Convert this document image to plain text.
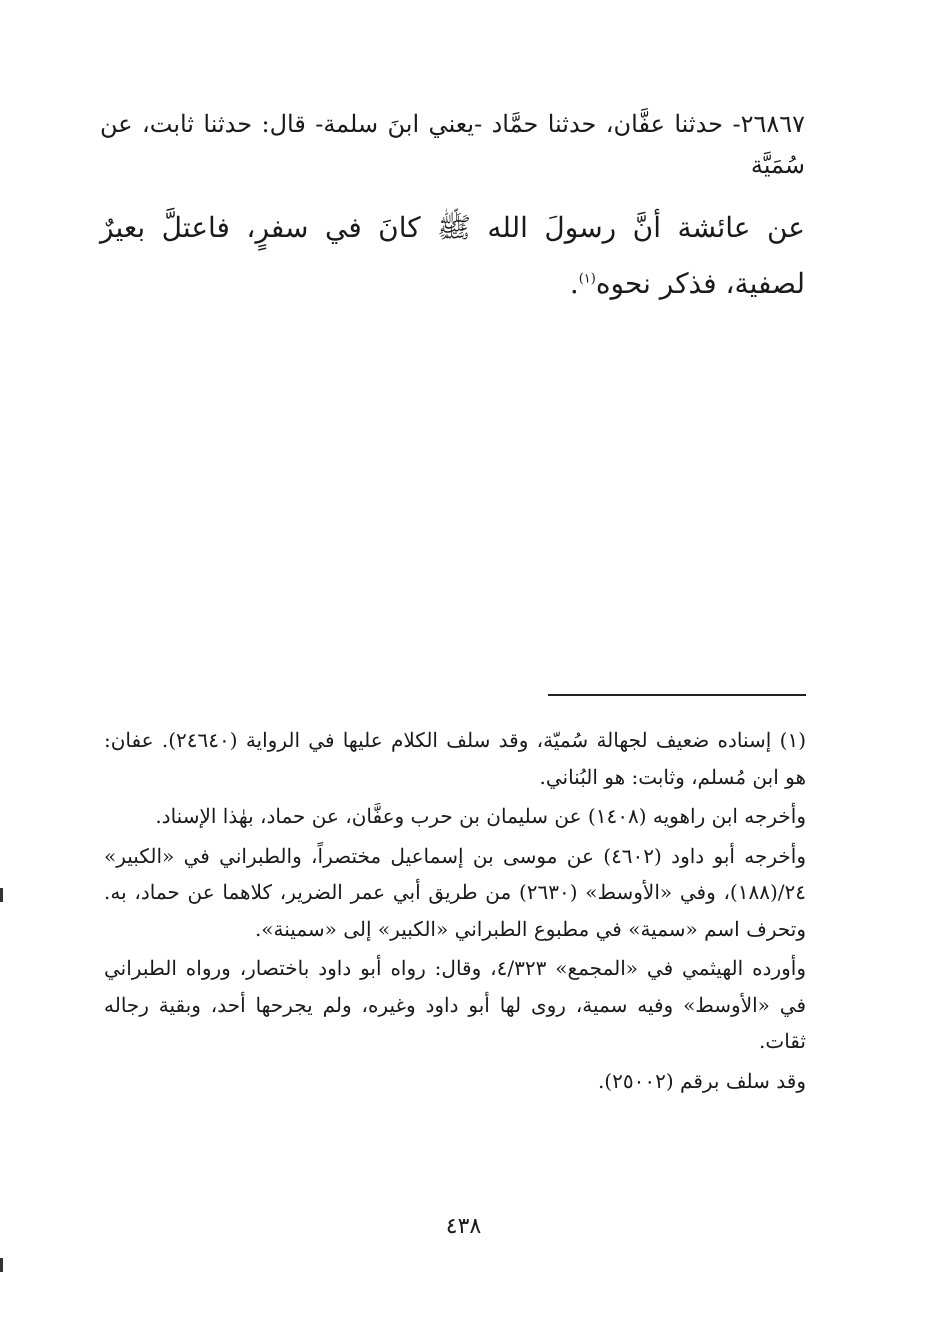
٢٦٨٦٧- حدثنا عفَّان، حدثنا حمَّاد -يعني ابنَ سلمة- قال: حدثنا ثابت، عن سُمَيَّة
عن عائشة أنَّ رسولَ الله ﷺ كانَ في سفرٍ، فاعتلَّ بعيرٌ لصفية، فذكر نحوه$^{(١)}$.

(١) إسناده ضعيف لجهالة سُميّة، وقد سلف الكلام عليها في الرواية (٢٤٦٤٠). عفان: هو ابن مُسلم، وثابت: هو البُناني.

وأخرجه ابن راهويه (١٤٠٨) عن سليمان بن حرب وعفَّان، عن حماد، بهٰذا الإسناد.

وأخرجه أبو داود (٤٦٠٢) عن موسى بن إسماعيل مختصراً، والطبراني في «الكبير» ٢٤/(١٨٨)، وفي «الأوسط» (٢٦٣٠) من طريق أبي عمر الضرير، كلاهما عن حماد، به. وتحرف اسم «سمية» في مطبوع الطبراني «الكبير» إلى «سمينة».

وأورده الهيثمي في «المجمع» ٤/٣٢٣، وقال: رواه أبو داود باختصار، ورواه الطبراني في «الأوسط» وفيه سمية، روى لها أبو داود وغيره، ولم يجرحها أحد، وبقية رجاله ثقات.

وقد سلف برقم (٢٥٠٠٢).

٤٣٨
